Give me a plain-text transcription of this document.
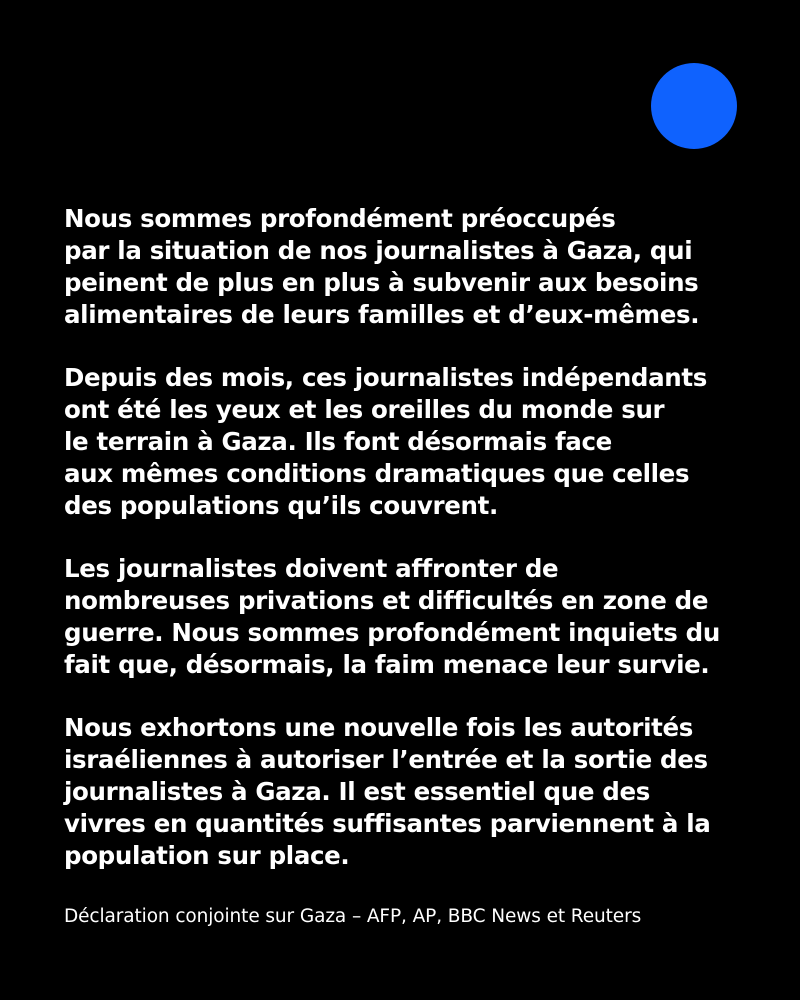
Nous sommes profondément préoccupés
par la situation de nos journalistes à Gaza, qui
peinent de plus en plus à subvenir aux besoins
alimentaires de leurs familles et d’eux-mêmes.

Depuis des mois, ces journalistes indépendants
ont été les yeux et les oreilles du monde sur
le terrain à Gaza. Ils font désormais face
aux mêmes conditions dramatiques que celles
des populations qu’ils couvrent.

Les journalistes doivent affronter de
nombreuses privations et difficultés en zone de
guerre. Nous sommes profondément inquiets du
fait que, désormais, la faim menace leur survie.

Nous exhortons une nouvelle fois les autorités
israéliennes à autoriser l’entrée et la sortie des
journalistes à Gaza. Il est essentiel que des
vivres en quantités suffisantes parviennent à la
population sur place.

Déclaration conjointe sur Gaza – AFP, AP, BBC News et Reuters
